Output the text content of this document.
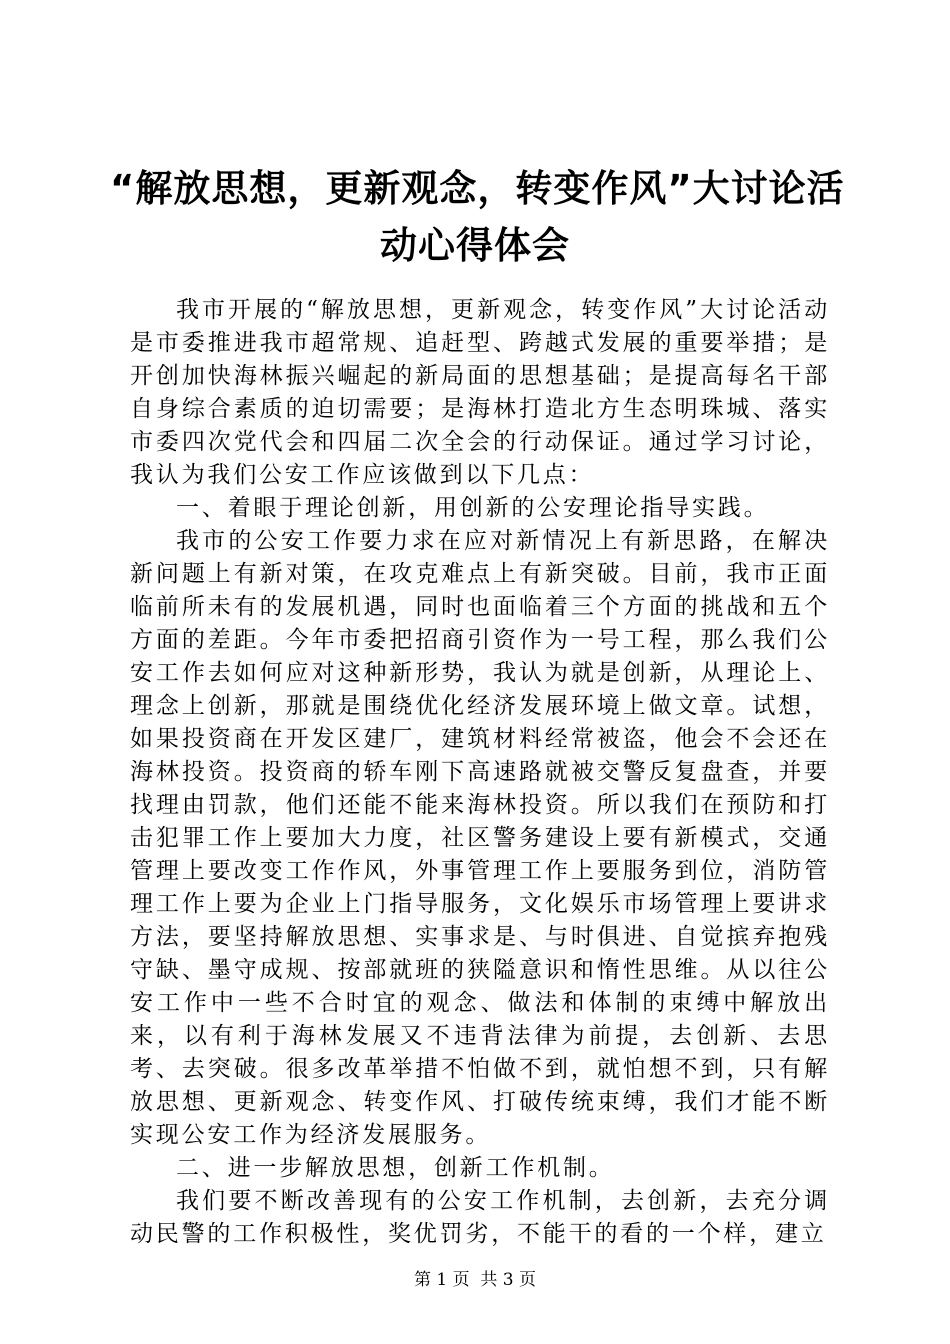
“解放思想，更新观念，转变作风”大讨论活
动心得体会

我市开展的“解放思想，更新观念，转变作风”大讨论活动是市委推进我市超常规、追赶型、跨越式发展的重要举措；是开创加快海林振兴崛起的新局面的思想基础；是提高每名干部自身综合素质的迫切需要；是海林打造北方生态明珠城、落实市委四次党代会和四届二次全会的行动保证。通过学习讨论，我认为我们公安工作应该做到以下几点：

一、着眼于理论创新，用创新的公安理论指导实践。

我市的公安工作要力求在应对新情况上有新思路，在解决新问题上有新对策，在攻克难点上有新突破。目前，我市正面临前所未有的发展机遇，同时也面临着三个方面的挑战和五个方面的差距。今年市委把招商引资作为一号工程，那么我们公安工作去如何应对这种新形势，我认为就是创新，从理论上、理念上创新，那就是围绕优化经济发展环境上做文章。试想，如果投资商在开发区建厂，建筑材料经常被盗，他会不会还在海林投资。投资商的轿车刚下高速路就被交警反复盘查，并要找理由罚款，他们还能不能来海林投资。所以我们在预防和打击犯罪工作上要加大力度，社区警务建设上要有新模式，交通管理上要改变工作作风，外事管理工作上要服务到位，消防管理工作上要为企业上门指导服务，文化娱乐市场管理上要讲求方法，要坚持解放思想、实事求是、与时俱进、自觉摈弃抱残守缺、墨守成规、按部就班的狭隘意识和惰性思维。从以往公安工作中一些不合时宜的观念、做法和体制的束缚中解放出来，以有利于海林发展又不违背法律为前提，去创新、去思考、去突破。很多改革举措不怕做不到，就怕想不到，只有解放思想、更新观念、转变作风、打破传统束缚，我们才能不断实现公安工作为经济发展服务。

二、进一步解放思想，创新工作机制。

我们要不断改善现有的公安工作机制，去创新，去充分调动民警的工作积极性，奖优罚劣，不能干的看的一个样，建立

第 1 页  共 3 页
